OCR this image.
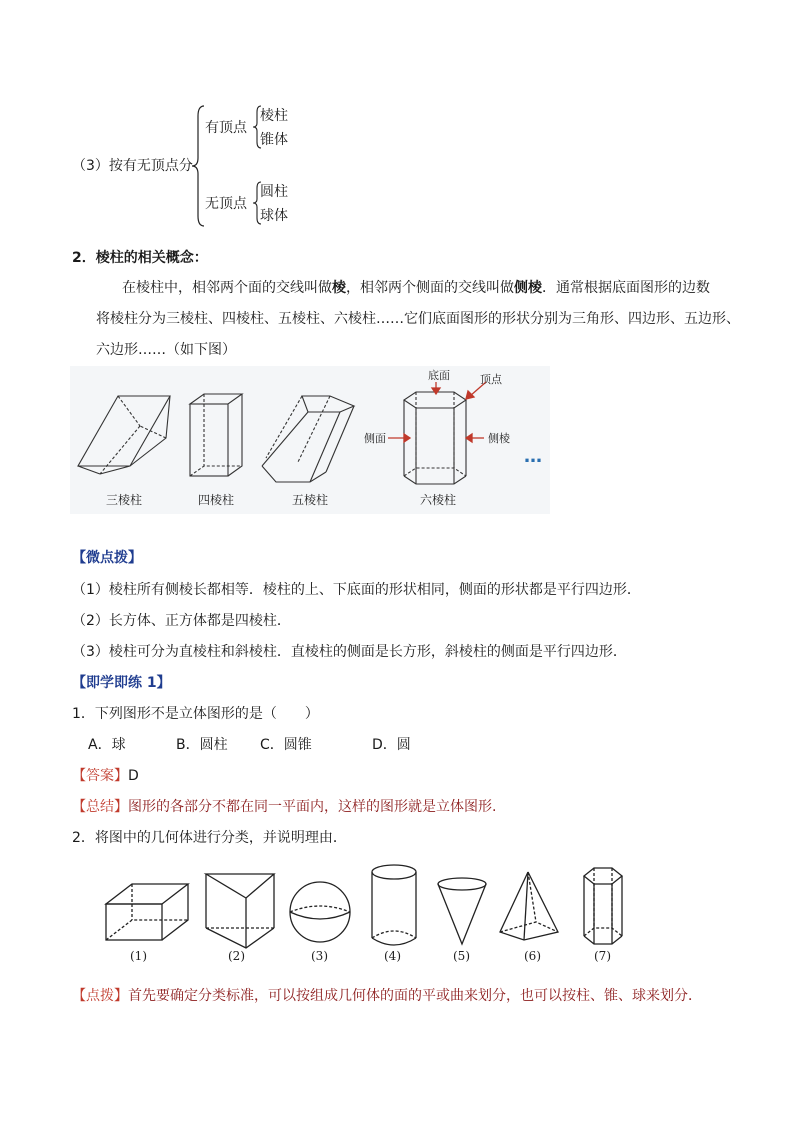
（3）按有无顶点分
有顶点
棱柱
锥体
无顶点
圆柱
球体
2．棱柱的相关概念：
在棱柱中，相邻两个面的交线叫做棱，相邻两个侧面的交线叫做侧棱．通常根据底面图形的边数
将棱柱分为三棱柱、四棱柱、五棱柱、六棱柱……它们底面图形的形状分别为三角形、四边形、五边形、
六边形……（如下图）
底面	顶点
侧面	侧棱
…
三棱柱	四棱柱	五棱柱	六棱柱
【微点拨】
（1）棱柱所有侧棱长都相等．棱柱的上、下底面的形状相同，侧面的形状都是平行四边形．
（2）长方体、正方体都是四棱柱．
（3）棱柱可分为直棱柱和斜棱柱．直棱柱的侧面是长方形，斜棱柱的侧面是平行四边形．
【即学即练 1】
1．下列图形不是立体图形的是（　　）
A．球	B．圆柱 C．圆锥	D．圆
【答案】D
【总结】图形的各部分不都在同一平面内，这样的图形就是立体图形.
2．将图中的几何体进行分类，并说明理由．
(1)	(2)	(3)	(4)	(5)	(6)	(7)
【点拨】首先要确定分类标准，可以按组成几何体的面的平或曲来划分，也可以按柱、锥、球来划分．
